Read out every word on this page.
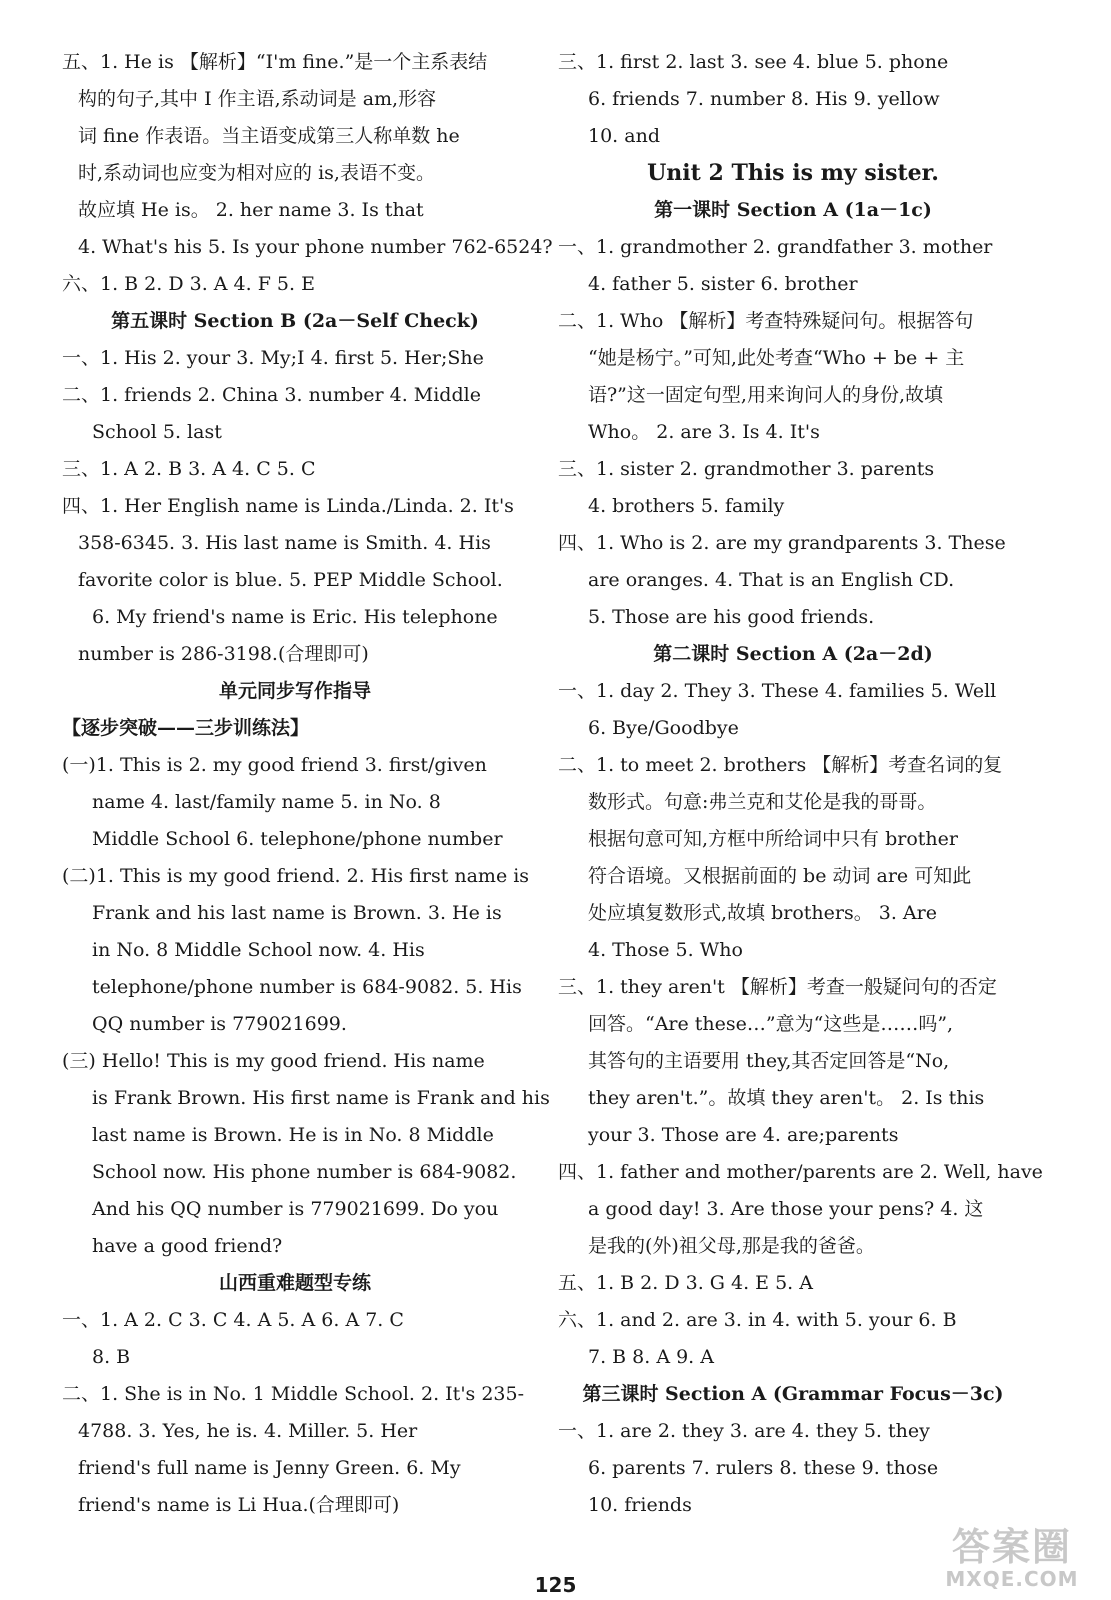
五、1. He is 【解析】“I'm fine.”是一个主系表结
构的句子,其中 I 作主语,系动词是 am,形容
词 fine 作表语。当主语变成第三人称单数 he
时,系动词也应变为相对应的 is,表语不变。
故应填 He is。 2. her name 3. Is that
4. What's his 5. Is your phone number 762-6524?
六、1. B 2. D 3. A 4. F 5. E
第五课时 Section B (2a－Self Check)
一、1. His 2. your 3. My;I 4. first 5. Her;She
二、1. friends 2. China 3. number 4. Middle
School 5. last
三、1. A 2. B 3. A 4. C 5. C
四、1. Her English name is Linda./Linda. 2. It's
358-6345. 3. His last name is Smith. 4. His
favorite color is blue. 5. PEP Middle School.
6. My friend's name is Eric. His telephone
number is 286-3198.(合理即可)
单元同步写作指导
【逐步突破——三步训练法】
(一)1. This is 2. my good friend 3. first/given
name 4. last/family name 5. in No. 8
Middle School 6. telephone/phone number
(二)1. This is my good friend. 2. His first name is
Frank and his last name is Brown. 3. He is
in No. 8 Middle School now. 4. His
telephone/phone number is 684-9082. 5. His
QQ number is 779021699.
(三) Hello! This is my good friend. His name
is Frank Brown. His first name is Frank and his
last name is Brown. He is in No. 8 Middle
School now. His phone number is 684-9082.
And his QQ number is 779021699. Do you
have a good friend?
山西重难题型专练
一、1. A 2. C 3. C 4. A 5. A 6. A 7. C
8. B
二、1. She is in No. 1 Middle School. 2. It's 235-
4788. 3. Yes, he is. 4. Miller. 5. Her
friend's full name is Jenny Green. 6. My
friend's name is Li Hua.(合理即可)
三、1. first 2. last 3. see 4. blue 5. phone
6. friends 7. number 8. His 9. yellow
10. and
Unit 2 This is my sister.
第一课时 Section A (1a－1c)
一、1. grandmother 2. grandfather 3. mother
4. father 5. sister 6. brother
二、1. Who 【解析】考查特殊疑问句。根据答句
“她是杨宁。”可知,此处考查“Who + be + 主
语?”这一固定句型,用来询问人的身份,故填
Who。 2. are 3. Is 4. It's
三、1. sister 2. grandmother 3. parents
4. brothers 5. family
四、1. Who is 2. are my grandparents 3. These
are oranges. 4. That is an English CD.
5. Those are his good friends.
第二课时 Section A (2a－2d)
一、1. day 2. They 3. These 4. families 5. Well
6. Bye/Goodbye
二、1. to meet 2. brothers 【解析】考查名词的复
数形式。句意:弗兰克和艾伦是我的哥哥。
根据句意可知,方框中所给词中只有 brother
符合语境。又根据前面的 be 动词 are 可知此
处应填复数形式,故填 brothers。 3. Are
4. Those 5. Who
三、1. they aren't 【解析】考查一般疑问句的否定
回答。“Are these…”意为“这些是……吗”,
其答句的主语要用 they,其否定回答是“No,
they aren't.”。故填 they aren't。 2. Is this
your 3. Those are 4. are;parents
四、1. father and mother/parents are 2. Well, have
a good day! 3. Are those your pens? 4. 这
是我的(外)祖父母,那是我的爸爸。
五、1. B 2. D 3. G 4. E 5. A
六、1. and 2. are 3. in 4. with 5. your 6. B
7. B 8. A 9. A
第三课时 Section A (Grammar Focus－3c)
一、1. are 2. they 3. are 4. they 5. they
6. parents 7. rulers 8. these 9. those
10. friends
125
答案圈
MXQE.COM
